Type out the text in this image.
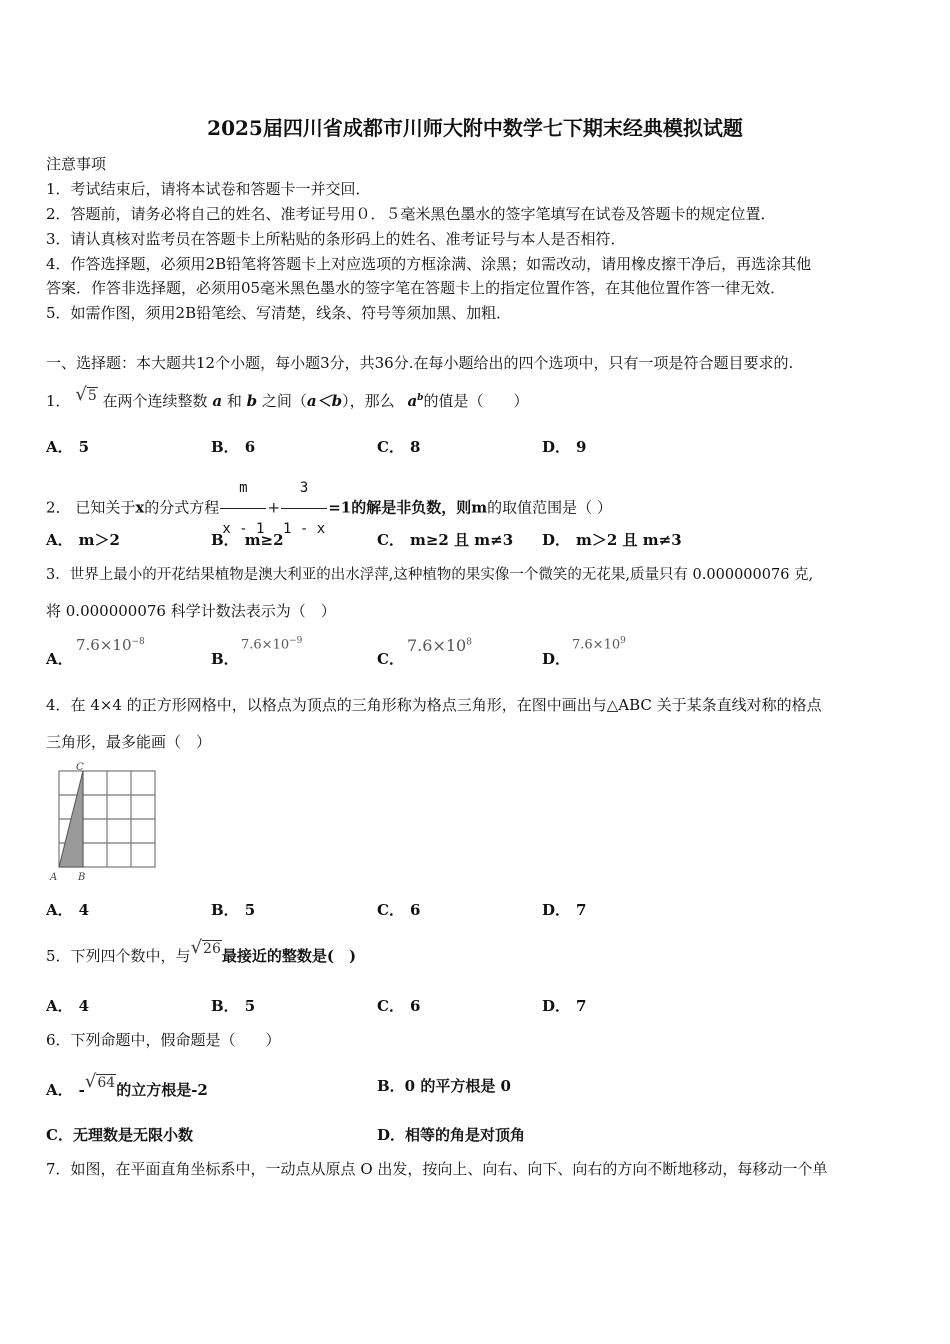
2025届四川省成都市川师大附中数学七下期末经典模拟试题
注意事项
1．考试结束后，请将本试卷和答题卡一并交回．
2．答题前，请务必将自己的姓名、准考证号用０．５毫米黑色墨水的签字笔填写在试卷及答题卡的规定位置．
3．请认真核对监考员在答题卡上所粘贴的条形码上的姓名、准考证号与本人是否相符．
4．作答选择题，必须用2B铅笔将答题卡上对应选项的方框涂满、涂黑；如需改动，请用橡皮擦干净后，再选涂其他
答案．作答非选择题，必须用05毫米黑色墨水的签字笔在答题卡上的指定位置作答，在其他位置作答一律无效．
5．如需作图，须用2B铅笔绘、写清楚，线条、符号等须加黑、加粗．
一、选择题：本大题共12个小题，每小题3分，共36分.在每小题给出的四个选项中，只有一项是符合题目要求的.
1． √5 在两个连续整数 a 和 b 之间（a＜b），那么 $a^b$的值是（　　）
A． 5	B． 6	C． 8	D． 9
2． 已知关于x的分式方程 $\frac{m}{x - 1} + \frac{3}{1 - x} =1$的解是非负数，则m的取值范围是（ ）
A． m＞2	B． m≥2	C． m≥2 且 m≠3 D． m＞2 且 m≠3
3．世界上最小的开花结果植物是澳大利亚的出水浮萍,这种植物的果实像一个微笑的无花果,质量只有 0.000000076 克,
将 0.000000076 科学计数法表示为（　）
A．
$7.6\times 10^{-8}$
B．
$7.6\times 10^{-9}$
C．
$7.6\times 10^8$
D．
$7.6\times 10^9$
4．在 4×4 的正方形网格中，以格点为顶点的三角形称为格点三角形，在图中画出与△ABC 关于某条直线对称的格点
三角形，最多能画（　）
C
A B
A． 4	B． 5	C． 6	D． 7
5．下列四个数中，与√26最接近的整数是(　)
A． 4	B． 5	C． 6	D． 7
6．下列命题中，假命题是（　　）
A． -√64的立方根是-2	B．0 的平方根是 0
C．无理数是无限小数	D．相等的角是对顶角
7．如图，在平面直角坐标系中，一动点从原点 O 出发，按向上、向右、向下、向右的方向不断地移动，每移动一个单
